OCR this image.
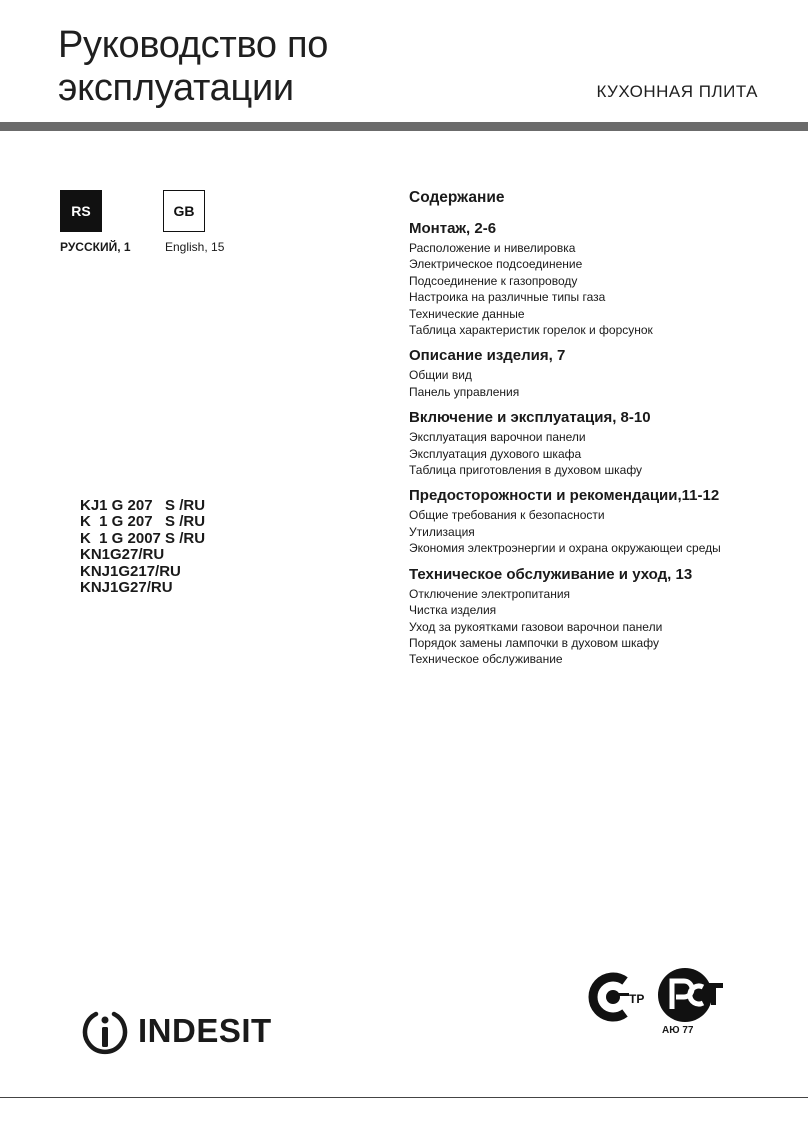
Руководство по
эксплуатации	КУХОННАЯ ПЛИТА
RS	GB
РУССКИЙ, 1	English, 15
KJ1 G 207   S /RU
K  1 G 207   S /RU
K  1 G 2007 S /RU
KN1G27/RU
KNJ1G217/RU
KNJ1G27/RU
Содержание
Монтаж, 2-6
Расположение и нивелировка
Электрическое подсоединение
Подсоединение к газопроводу
Настроика на различные типы газа
Технические данные
Таблица характеристик горелок и форсунок
Описание изделия, 7
Общии вид
Панель управления
Включение и эксплуатация, 8-10
Эксплуатация варочнои панели
Эксплуатация духового шкафа
Таблица приготовления в духовом шкафу
Предосторожности и рекомендации,11-12
Общие требования к безопасности
Утилизация
Экономия электроэнергии и охрана окружающеи среды
Техническое обслуживание и уход, 13
Отключение электропитания
Чистка изделия
Уход за рукоятками газовои варочнои панели
Порядок замены лампочки в духовом шкафу
Техническое обслуживание
INDESIT
ТР
АЮ 77
